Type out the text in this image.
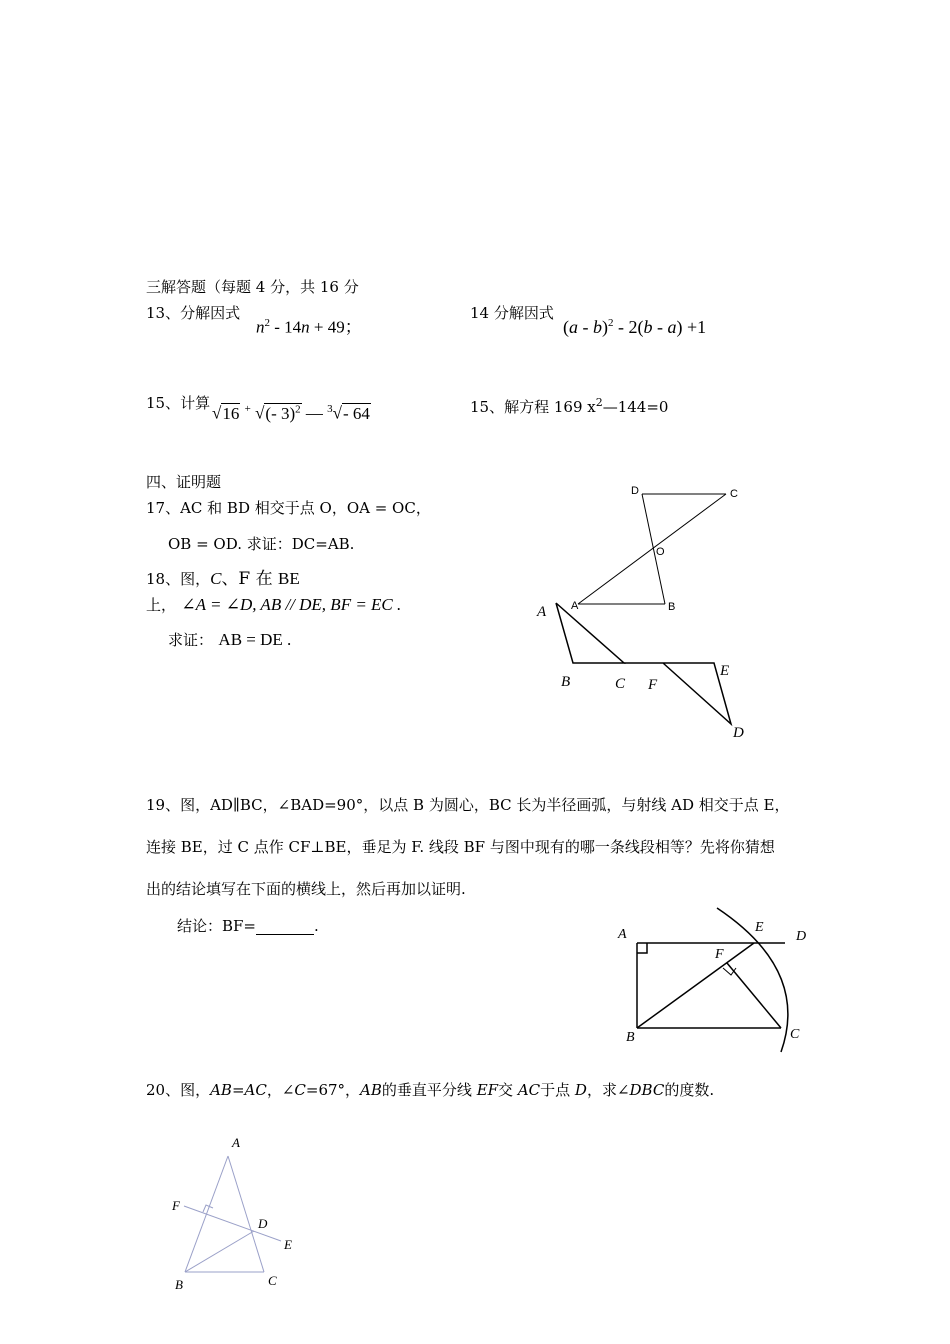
三解答题（每题 4 分，共 16 分
13、分解因式
$n^2 - 14n + 49$；
14 分解因式
(a - b)$^2$ - 2(b - a) +1
15、计算
√16 + √(- 3)$^2$ — $^3$√- 64	15、解方程 169 $x^2—144=0$
四、证明题
17、AC 和 BD 相交于点 O，OA = OC，
OB = OD. 求证：DC=AB.
18、图，C、F 在 BE
上， ∠A = ∠D, AB // DE, BF = EC .
求证： AB = DE .
19、图，AD∥BC，∠BAD=90°，以点 B 为圆心，BC 长为半径画弧，与射线 AD 相交于点 E，
连接 BE，过 C 点作 CF⊥BE，垂足为 F. 线段 BF 与图中现有的哪一条线段相等？先将你猜想
出的结论填写在下面的横线上，然后再加以证明.
结论：BF=	.
20、图，AB=AC，∠C=67°，AB的垂直平分线 EF交 AC于点 D，求∠DBC的度数.
D	C
O
A	B
A
B	C F
E
D
A	E
D
F
B	C
A
F
D
E
B	C
